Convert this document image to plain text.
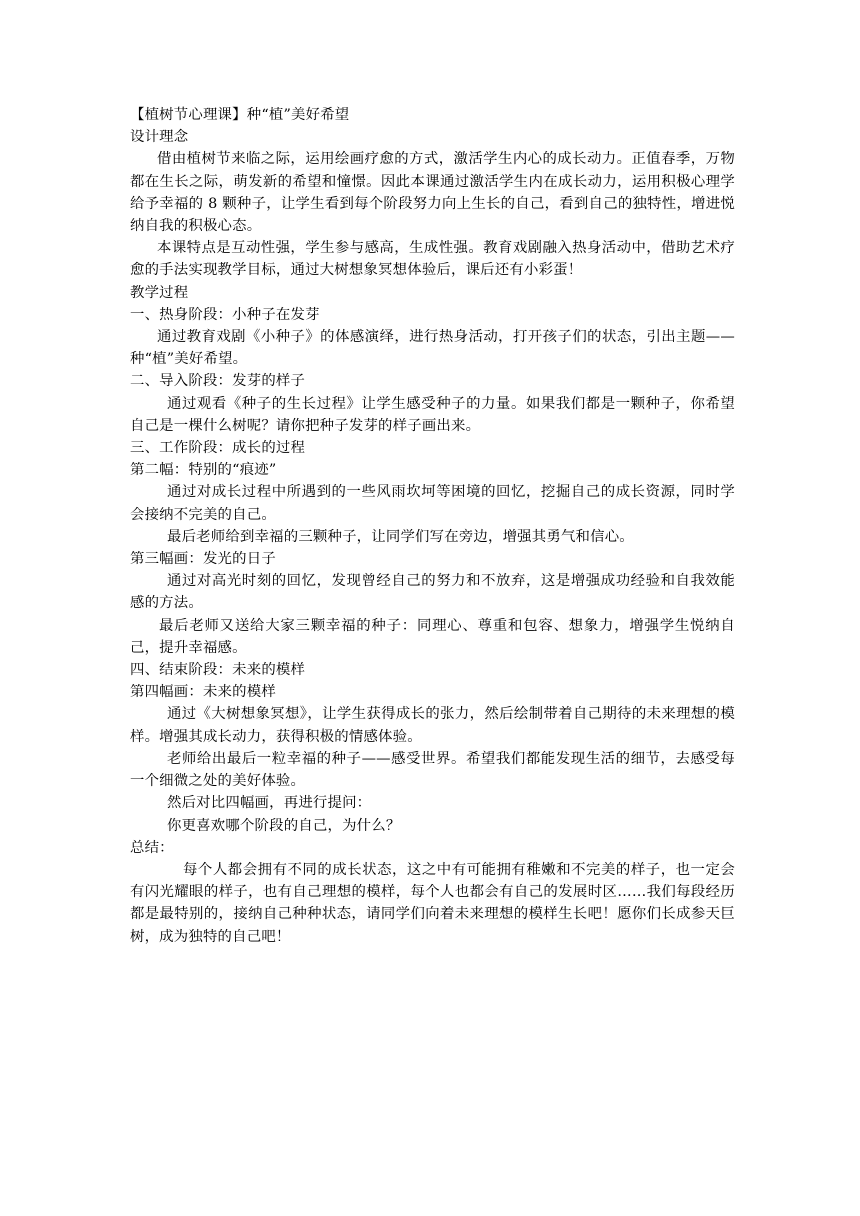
【植树节心理课】种“植”美好希望

设计理念

借由植树节来临之际，运用绘画疗愈的方式，激活学生内心的成长动力。正值春季，万物都在生长之际，萌发新的希望和憧憬。因此本课通过激活学生内在成长动力，运用积极心理学给予幸福的 8 颗种子，让学生看到每个阶段努力向上生长的自己，看到自己的独特性，增进悦纳自我的积极心态。

本课特点是互动性强，学生参与感高，生成性强。教育戏剧融入热身活动中，借助艺术疗愈的手法实现教学目标，通过大树想象冥想体验后，课后还有小彩蛋！

教学过程

一、热身阶段：小种子在发芽

通过教育戏剧《小种子》的体感演绎，进行热身活动，打开孩子们的状态，引出主题——种“植”美好希望。

二、导入阶段：发芽的样子

通过观看《种子的生长过程》让学生感受种子的力量。如果我们都是一颗种子，你希望自己是一棵什么树呢？请你把种子发芽的样子画出来。

三、工作阶段：成长的过程

第二幅：特别的“痕迹”

通过对成长过程中所遇到的一些风雨坎坷等困境的回忆，挖掘自己的成长资源，同时学会接纳不完美的自己。

最后老师给到幸福的三颗种子，让同学们写在旁边，增强其勇气和信心。

第三幅画：发光的日子

通过对高光时刻的回忆，发现曾经自己的努力和不放弃，这是增强成功经验和自我效能感的方法。

最后老师又送给大家三颗幸福的种子：同理心、尊重和包容、想象力，增强学生悦纳自己，提升幸福感。

四、结束阶段：未来的模样

第四幅画：未来的模样

通过《大树想象冥想》，让学生获得成长的张力，然后绘制带着自己期待的未来理想的模样。增强其成长动力，获得积极的情感体验。

老师给出最后一粒幸福的种子——感受世界。希望我们都能发现生活的细节，去感受每一个细微之处的美好体验。

然后对比四幅画，再进行提问：

你更喜欢哪个阶段的自己，为什么？

总结：

每个人都会拥有不同的成长状态，这之中有可能拥有稚嫩和不完美的样子，也一定会有闪光耀眼的样子，也有自己理想的模样，每个人也都会有自己的发展时区……我们每段经历都是最特别的，接纳自己种种状态，请同学们向着未来理想的模样生长吧！愿你们长成参天巨树，成为独特的自己吧！
